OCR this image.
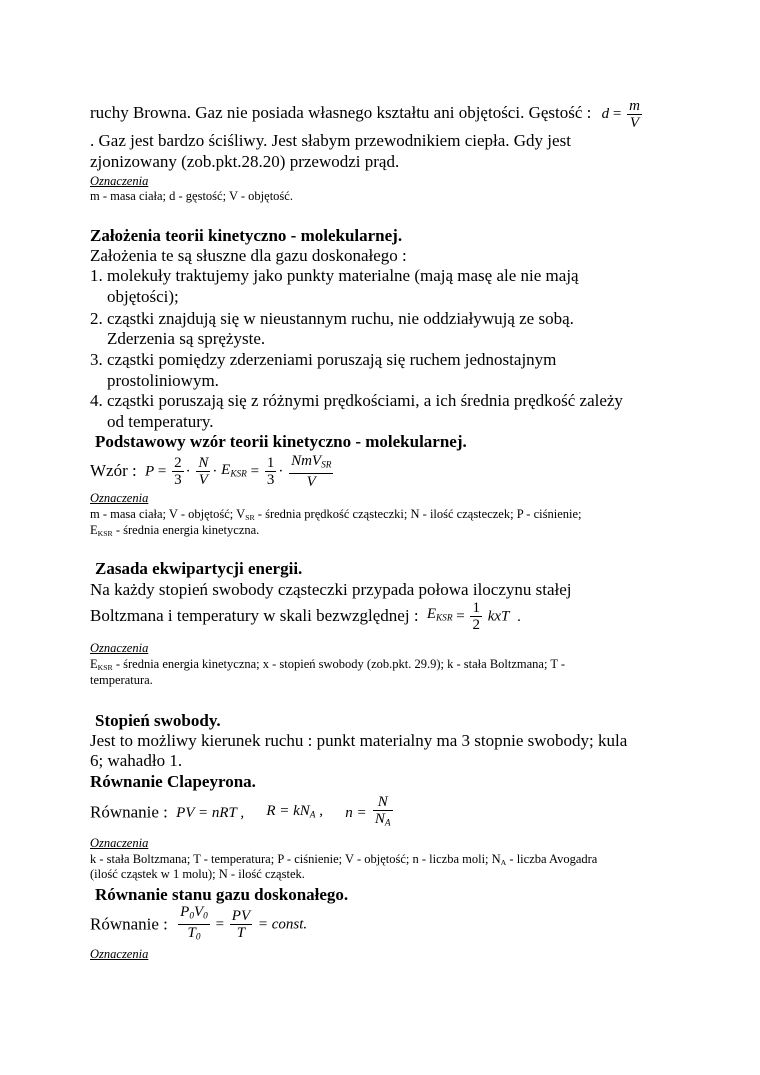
ruchy Browna. Gaz nie posiada własnego kształtu ani objętości. Gęstość : $d = \frac{m}{V}$
. Gaz jest bardzo ściśliwy. Jest słabym przewodnikiem ciepła. Gdy jest
zjonizowany (zob.pkt.28.20) przewodzi prąd.
Oznaczenia
m - masa ciała; d - gęstość; V - objętość.
Założenia teorii kinetyczno - molekularnej.
Założenia te są słuszne dla gazu doskonałego :
1. molekuły traktujemy jako punkty materialne (mają masę ale nie mają
objętości);
2. cząstki znajdują się w nieustannym ruchu, nie oddziaływują ze sobą.
Zderzenia są sprężyste.
3. cząstki pomiędzy zderzeniami poruszają się ruchem jednostajnym
prostoliniowym.
4. cząstki poruszają się z różnymi prędkościami, a ich średnia prędkość zależy
od temperatury.
Podstawowy wzór teorii kinetyczno - molekularnej.
Wzór : $P = \frac{2}{3} \cdot \frac{N}{V} \cdot E_{KSR} = \frac{1}{3} \cdot \frac{NmV_{SR}}{V}$
Oznaczenia
m - masa ciała; V - objętość; $V_{SR}$ - średnia prędkość cząsteczki; N - ilość cząsteczek; P - ciśnienie;
$E_{KSR}$ - średnia energia kinetyczna.
Zasada ekwipartycji energii.
Na każdy stopień swobody cząsteczki przypada połowa iloczynu stałej
Boltzmana i temperatury w skali bezwzględnej : $E_{KSR} = \frac{1}{2}$ kxT .
Oznaczenia
$E_{KSR}$ - średnia energia kinetyczna; x - stopień swobody (zob.pkt. 29.9); k - stała Boltzmana; T -
temperatura.
Stopień swobody.
Jest to możliwy kierunek ruchu : punkt materialny ma 3 stopnie swobody; kula
6; wahadło 1.
Równanie Clapeyrona.
Równanie : PV = nRT , $R = kN_A$ , $n = \frac{N}{N_A}$
Oznaczenia
k - stała Boltzmana; T - temperatura; P - ciśnienie; V - objętość; n - liczba moli; $N_A$ - liczba Avogadra
(ilość cząstek w 1 molu); N - ilość cząstek.
Równanie stanu gazu doskonałego.
Równanie : $\frac{P_0V_0}{T_0} = \frac{PV}{T}$ = const.
Oznaczenia
